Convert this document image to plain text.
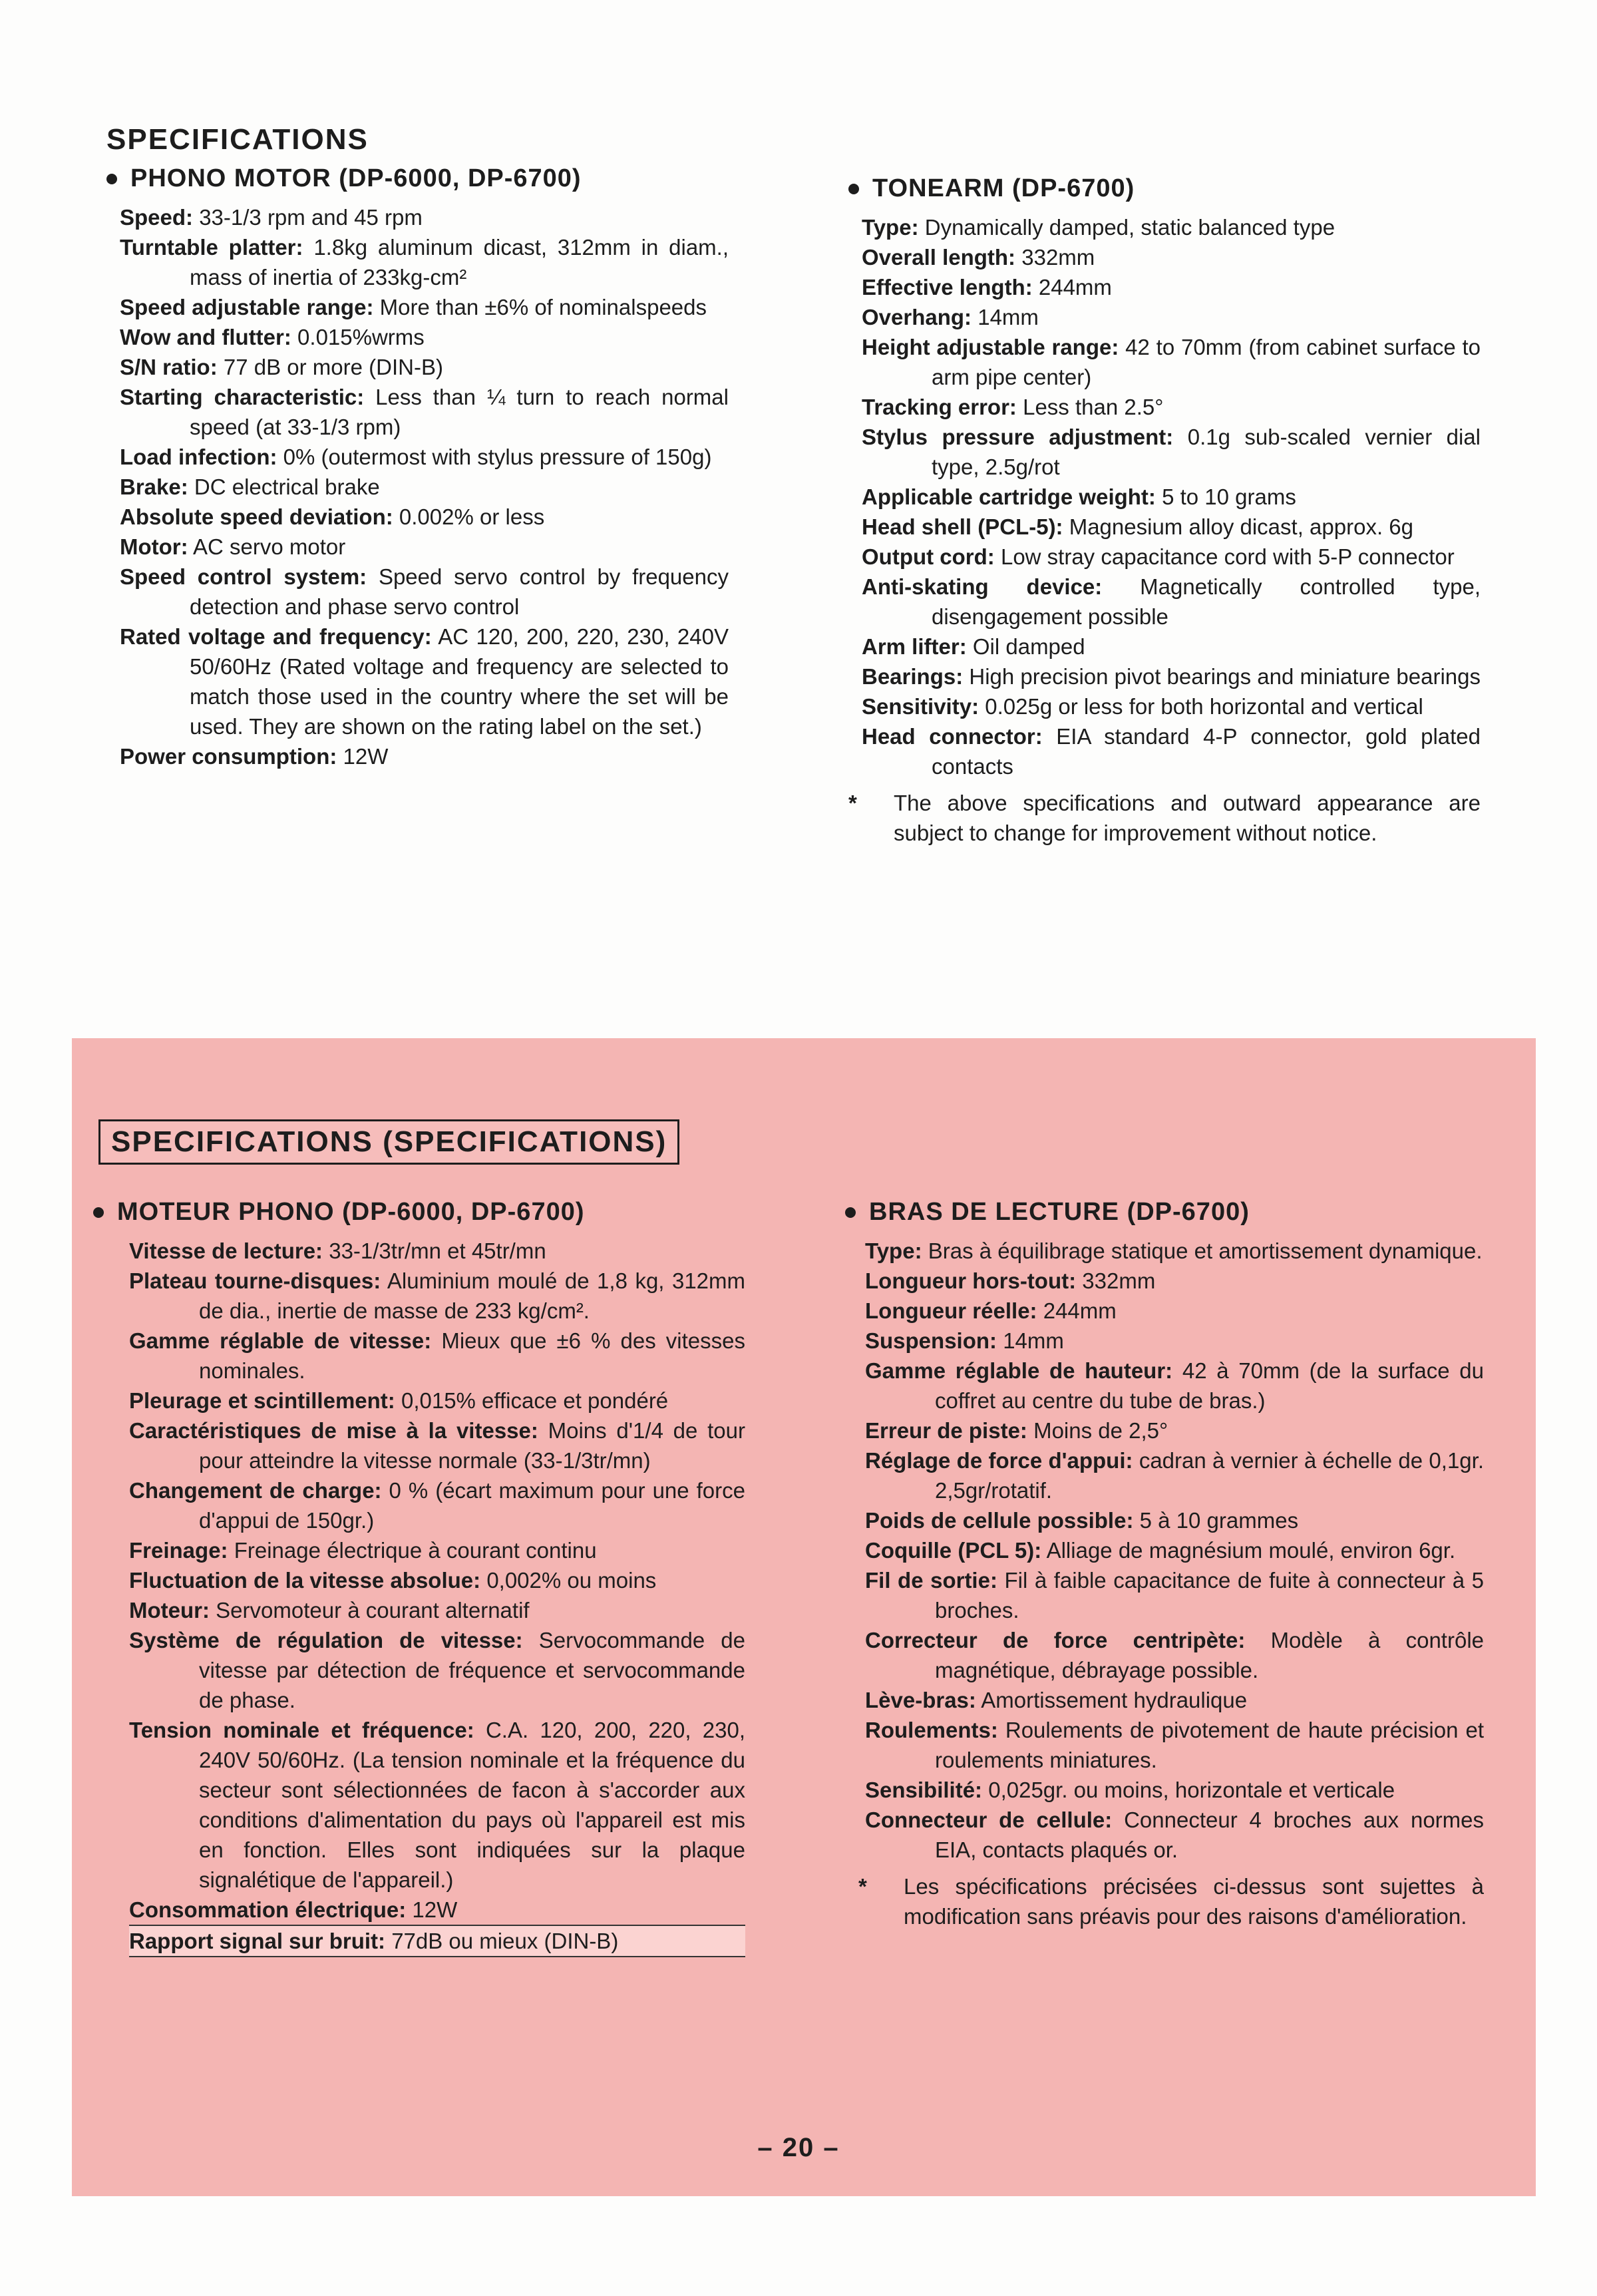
SPECIFICATIONS
PHONO MOTOR (DP-6000, DP-6700)

Speed: 33-1/3 rpm and 45 rpm

Turntable platter: 1.8kg aluminum dicast, 312mm in diam., mass of inertia of 233kg-cm²

Speed adjustable range: More than ±6% of nominalspeeds

Wow and flutter: 0.015%wrms

S/N ratio: 77 dB or more (DIN-B)

Starting characteristic: Less than ¼ turn to reach normal speed (at 33-1/3 rpm)

Load infection: 0% (outermost with stylus pressure of 150g)

Brake: DC electrical brake

Absolute speed deviation: 0.002% or less

Motor: AC servo motor

Speed control system: Speed servo control by frequency detection and phase servo control

Rated voltage and frequency: AC 120, 200, 220, 230, 240V 50/60Hz (Rated voltage and frequency are selected to match those used in the country where the set will be used. They are shown on the rating label on the set.)

Power consumption: 12W

TONEARM (DP-6700)

Type: Dynamically damped, static balanced type

Overall length: 332mm

Effective length: 244mm

Overhang: 14mm

Height adjustable range: 42 to 70mm (from cabinet surface to arm pipe center)

Tracking error: Less than 2.5°

Stylus pressure adjustment: 0.1g sub-scaled vernier dial type, 2.5g/rot

Applicable cartridge weight: 5 to 10 grams

Head shell (PCL-5): Magnesium alloy dicast, approx. 6g

Output cord: Low stray capacitance cord with 5-P connector

Anti-skating device: Magnetically controlled type, disengagement possible

Arm lifter: Oil damped

Bearings: High precision pivot bearings and miniature bearings

Sensitivity: 0.025g or less for both horizontal and vertical

Head connector: EIA standard 4-P connector, gold plated contacts

* The above specifications and outward appearance are subject to change for improvement without notice.

SPECIFICATIONS (SPECIFICATIONS)
MOTEUR PHONO (DP-6000, DP-6700)

Vitesse de lecture: 33-1/3tr/mn et 45tr/mn

Plateau tourne-disques: Aluminium moulé de 1,8 kg, 312mm de dia., inertie de masse de 233 kg/cm².

Gamme réglable de vitesse: Mieux que ±6 % des vitesses nominales.

Pleurage et scintillement: 0,015% efficace et pondéré

Caractéristiques de mise à la vitesse: Moins d'1/4 de tour pour atteindre la vitesse normale (33-1/3tr/mn)

Changement de charge: 0 % (écart maximum pour une force d'appui de 150gr.)

Freinage: Freinage électrique à courant continu

Fluctuation de la vitesse absolue: 0,002% ou moins

Moteur: Servomoteur à courant alternatif

Système de régulation de vitesse: Servocommande de vitesse par détection de fréquence et servocommande de phase.

Tension nominale et fréquence: C.A. 120, 200, 220, 230, 240V 50/60Hz. (La tension nominale et la fréquence du secteur sont sélectionnées de facon à s'accorder aux conditions d'alimentation du pays où l'appareil est mis en fonction. Elles sont indiquées sur la plaque signalétique de l'appareil.)

Consommation électrique: 12W

Rapport signal sur bruit: 77dB ou mieux (DIN-B)

BRAS DE LECTURE (DP-6700)

Type: Bras à équilibrage statique et amortissement dynamique.

Longueur hors-tout: 332mm

Longueur réelle: 244mm

Suspension: 14mm

Gamme réglable de hauteur: 42 à 70mm (de la surface du coffret au centre du tube de bras.)

Erreur de piste: Moins de 2,5°

Réglage de force d'appui: cadran à vernier à échelle de 0,1gr. 2,5gr/rotatif.

Poids de cellule possible: 5 à 10 grammes

Coquille (PCL 5): Alliage de magnésium moulé, environ 6gr.

Fil de sortie: Fil à faible capacitance de fuite à connecteur à 5 broches.

Correcteur de force centripète: Modèle à contrôle magnétique, débrayage possible.

Lève-bras: Amortissement hydraulique

Roulements: Roulements de pivotement de haute précision et roulements miniatures.

Sensibilité: 0,025gr. ou moins, horizontale et verticale

Connecteur de cellule: Connecteur 4 broches aux normes EIA, contacts plaqués or.

* Les spécifications précisées ci-dessus sont sujettes à modification sans préavis pour des raisons d'amélioration.

– 20 –
